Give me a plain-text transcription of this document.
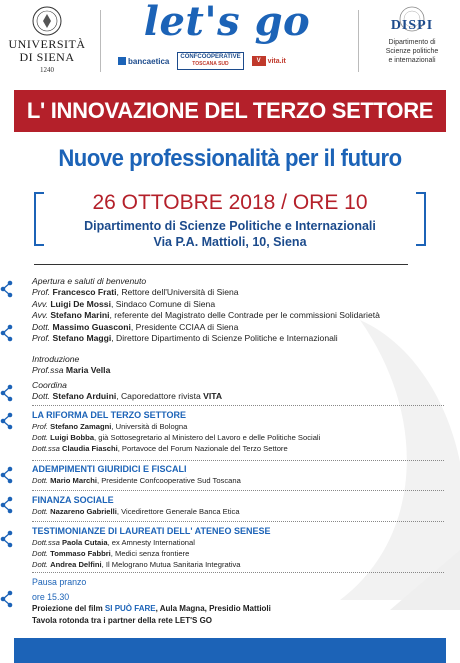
UNIVERSITÀ
DI SIENA
1240
let's go
bancaetica CONFCOOPERATIVE
TOSCANA SUD	V	vita.it
DISPI
Dipartimento di
Scienze politiche
e internazionali
L' INNOVAZIONE DEL TERZO SETTORE
Nuove professionalità per il futuro
26 OTTOBRE 2018 / ORE 10
Dipartimento di Scienze Politiche e Internazionali
Via P.A. Mattioli, 10, Siena
Apertura e saluti di benvenuto
Prof. Francesco Frati, Rettore dell'Università di Siena
Avv. Luigi De Mossi, Sindaco Comune di Siena
Avv. Stefano Marini, referente del Magistrato delle Contrade per le commissioni Solidarietà
Dott. Massimo Guasconi, Presidente CCIAA di Siena
Prof. Stefano Maggi, Direttore Dipartimento di Scienze Politiche e Internazionali
Introduzione
Prof.ssa Maria Vella
Coordina
Dott. Stefano Arduini, Caporedattore rivista VITA
LA RIFORMA DEL TERZO SETTORE
Prof. Stefano Zamagni, Università di Bologna
Dott. Luigi Bobba, già Sottosegretario al Ministero del Lavoro e delle Politiche Sociali
Dott.ssa Claudia Fiaschi, Portavoce del Forum Nazionale del Terzo Settore
ADEMPIMENTI GIURIDICI E FISCALI
Dott. Mario Marchi, Presidente Confcooperative Sud Toscana
FINANZA SOCIALE
Dott. Nazareno Gabrielli, Vicedirettore Generale Banca Etica
TESTIMONIANZE DI LAUREATI DELL' ATENEO SENESE
Dott.ssa Paola Cutaia, ex Amnesty International
Dott. Tommaso Fabbri, Medici senza frontiere
Dott. Andrea Delfini, Il Melograno Mutua Sanitaria Integrativa
Pausa pranzo
ore 15.30
Proiezione del film SI PUÒ FARE, Aula Magna, Presidio Mattioli
Tavola rotonda tra i partner della rete LET'S GO
